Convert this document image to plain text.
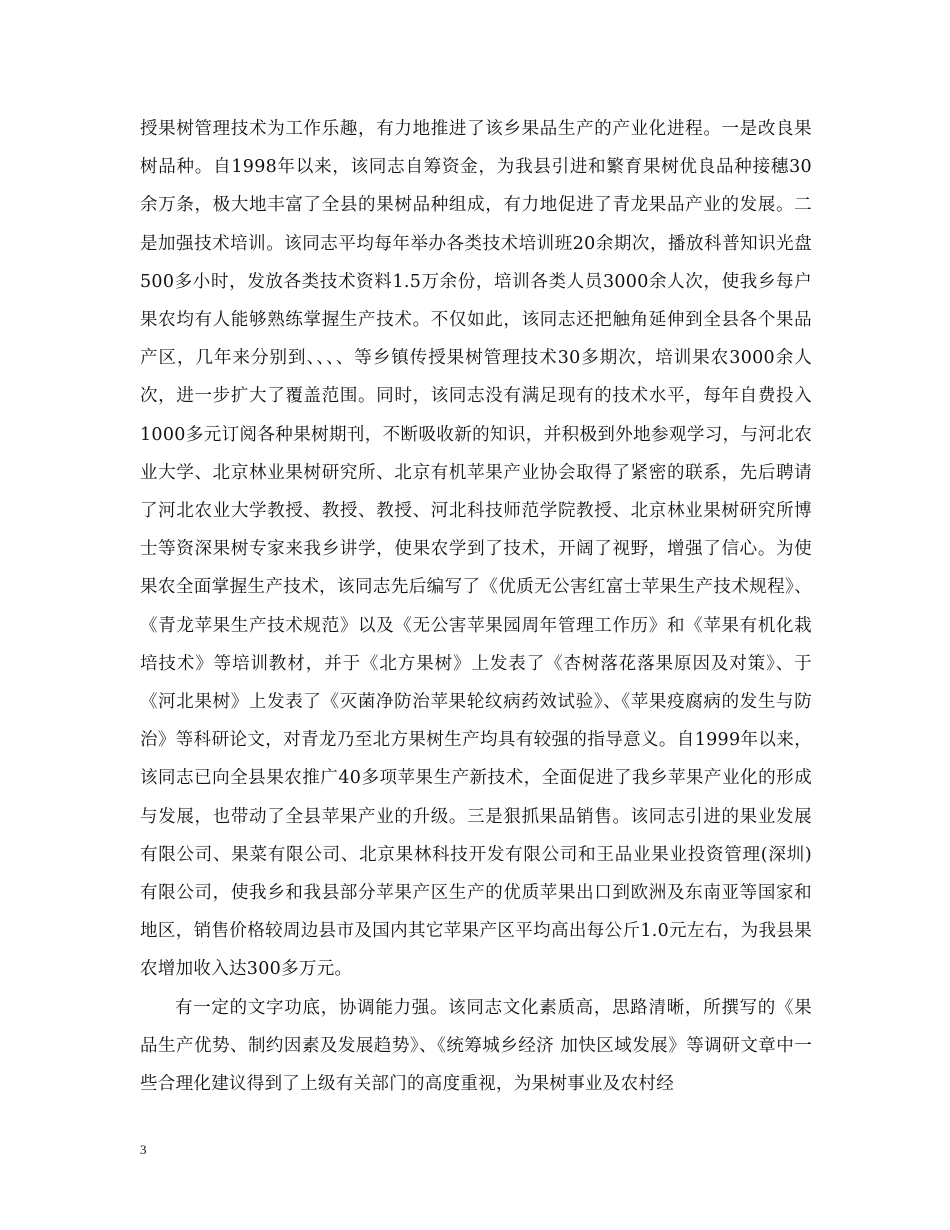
授果树管理技术为工作乐趣，有力地推进了该乡果品生产的产业化进程。一是改良果树品种。自1998年以来，该同志自筹资金，为我县引进和繁育果树优良品种接穗30余万条，极大地丰富了全县的果树品种组成，有力地促进了青龙果品产业的发展。二是加强技术培训。该同志平均每年举办各类技术培训班20余期次，播放科普知识光盘500多小时，发放各类技术资料1.5万余份，培训各类人员3000余人次，使我乡每户果农均有人能够熟练掌握生产技术。不仅如此，该同志还把触角延伸到全县各个果品产区，几年来分别到、、、、等乡镇传授果树管理技术30多期次，培训果农3000余人次，进一步扩大了覆盖范围。同时，该同志没有满足现有的技术水平，每年自费投入1000多元订阅各种果树期刊，不断吸收新的知识，并积极到外地参观学习，与河北农业大学、北京林业果树研究所、北京有机苹果产业协会取得了紧密的联系，先后聘请了河北农业大学教授、教授、教授、河北科技师范学院教授、北京林业果树研究所博士等资深果树专家来我乡讲学，使果农学到了技术，开阔了视野，增强了信心。为使果农全面掌握生产技术，该同志先后编写了《优质无公害红富士苹果生产技术规程》、《青龙苹果生产技术规范》以及《无公害苹果园周年管理工作历》和《苹果有机化栽培技术》等培训教材，并于《北方果树》上发表了《杏树落花落果原因及对策》、于《河北果树》上发表了《灭菌净防治苹果轮纹病药效试验》、《苹果疫腐病的发生与防治》等科研论文，对青龙乃至北方果树生产均具有较强的指导意义。自1999年以来，该同志已向全县果农推广40多项苹果生产新技术，全面促进了我乡苹果产业化的形成与发展，也带动了全县苹果产业的升级。三是狠抓果品销售。该同志引进的果业发展有限公司、果菜有限公司、北京果林科技开发有限公司和王品业果业投资管理(深圳)有限公司，使我乡和我县部分苹果产区生产的优质苹果出口到欧洲及东南亚等国家和地区，销售价格较周边县市及国内其它苹果产区平均高出每公斤1.0元左右，为我县果农增加收入达300多万元。

有一定的文字功底，协调能力强。该同志文化素质高，思路清晰，所撰写的《果品生产优势、制约因素及发展趋势》、《统筹城乡经济 加快区域发展》等调研文章中一些合理化建议得到了上级有关部门的高度重视，为果树事业及农村经

3
